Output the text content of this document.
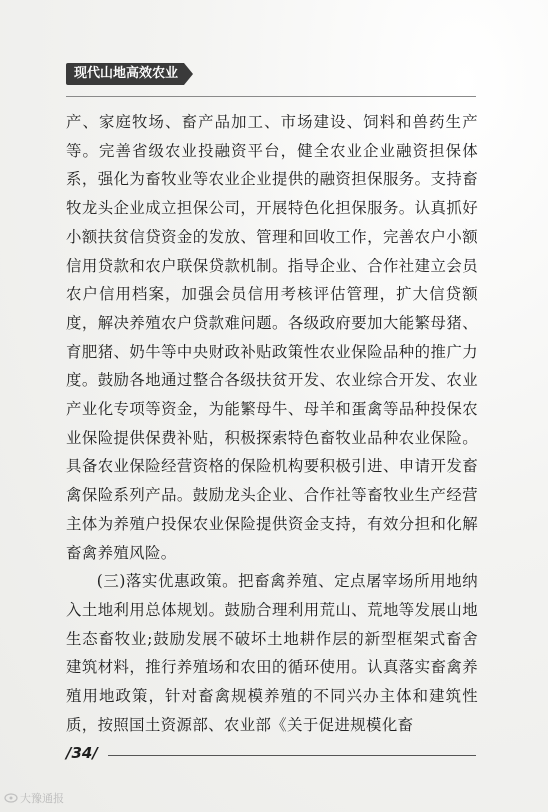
现代山地高效农业

产、家庭牧场、畜产品加工、市场建设、饲料和兽药生产等。完善省级农业投融资平台，健全农业企业融资担保体系，强化为畜牧业等农业企业提供的融资担保服务。支持畜牧龙头企业成立担保公司，开展特色化担保服务。认真抓好小额扶贫信贷资金的发放、管理和回收工作，完善农户小额信用贷款和农户联保贷款机制。指导企业、合作社建立会员农户信用档案，加强会员信用考核评估管理，扩大信贷额度，解决养殖农户贷款难问题。各级政府要加大能繁母猪、育肥猪、奶牛等中央财政补贴政策性农业保险品种的推广力度。鼓励各地通过整合各级扶贫开发、农业综合开发、农业产业化专项等资金，为能繁母牛、母羊和蛋禽等品种投保农业保险提供保费补贴，积极探索特色畜牧业品种农业保险。具备农业保险经营资格的保险机构要积极引进、申请开发畜禽保险系列产品。鼓励龙头企业、合作社等畜牧业生产经营主体为养殖户投保农业保险提供资金支持，有效分担和化解畜禽养殖风险。

(三)落实优惠政策。把畜禽养殖、定点屠宰场所用地纳入土地利用总体规划。鼓励合理利用荒山、荒地等发展山地生态畜牧业;鼓励发展不破坏土地耕作层的新型框架式畜舍建筑材料，推行养殖场和农田的循环使用。认真落实畜禽养殖用地政策，针对畜禽规模养殖的不同兴办主体和建筑性质，按照国土资源部、农业部《关于促进规模化畜

/34/
大豫通报
